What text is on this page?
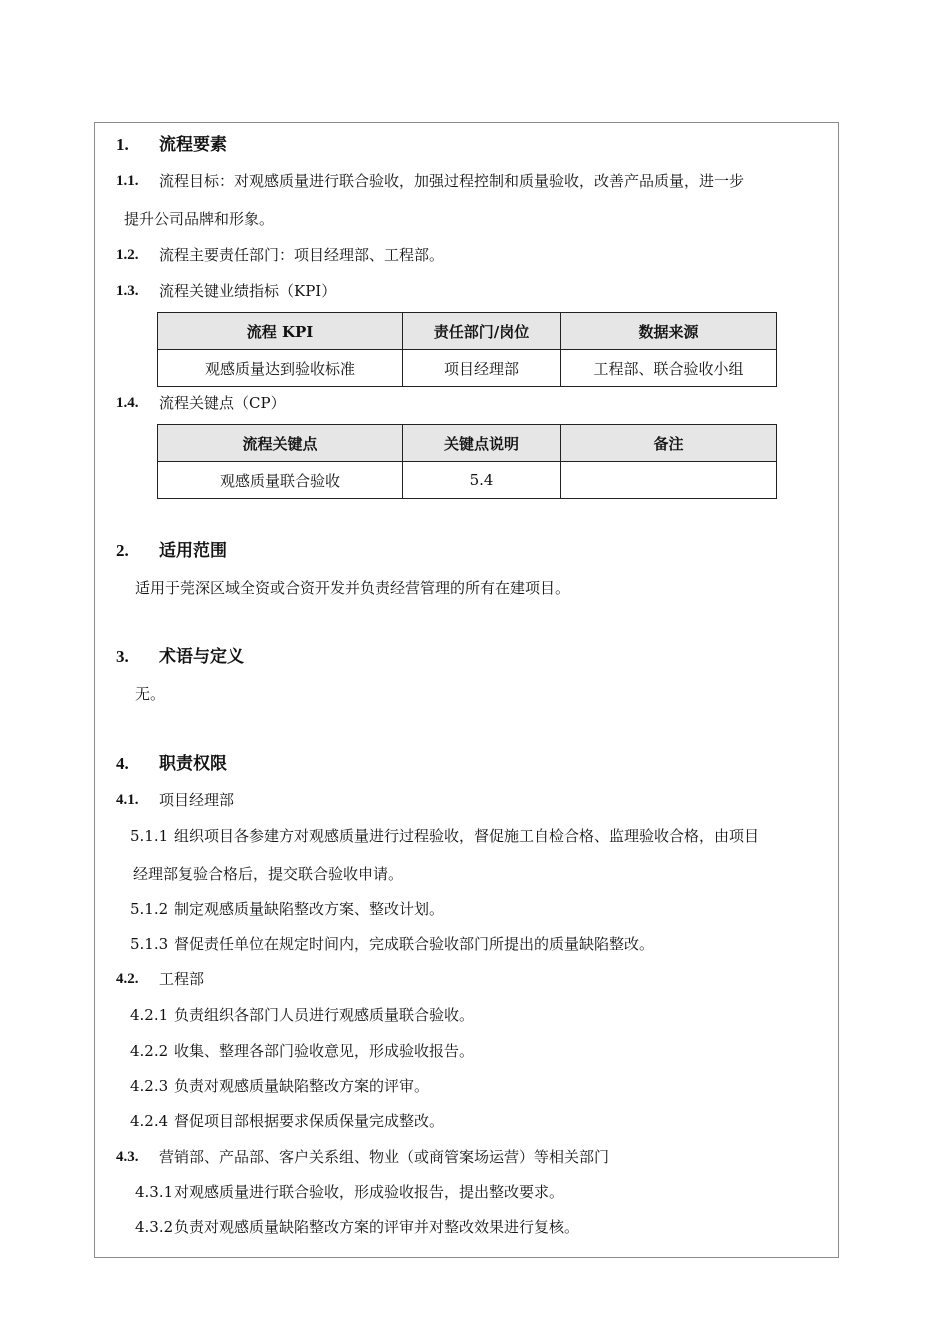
1. 流程要素
1.1. 流程目标：对观感质量进行联合验收，加强过程控制和质量验收，改善产品质量，进一步
提升公司品牌和形象。
1.2. 流程主要责任部门：项目经理部、工程部。
1.3. 流程关键业绩指标（KPI）
流程 KPI	责任部门/岗位	数据来源
观感质量达到验收标准	项目经理部	工程部、联合验收小组
1.4. 流程关键点（CP）
流程关键点	关键点说明	备注
观感质量联合验收	5.4	
2. 适用范围
适用于莞深区域全资或合资开发并负责经营管理的所有在建项目。
3. 术语与定义
无。
4. 职责权限
4.1. 项目经理部
5.1.1 组织项目各参建方对观感质量进行过程验收，督促施工自检合格、监理验收合格，由项目
经理部复验合格后，提交联合验收申请。
5.1.2 制定观感质量缺陷整改方案、整改计划。
5.1.3 督促责任单位在规定时间内，完成联合验收部门所提出的质量缺陷整改。
4.2. 工程部
4.2.1 负责组织各部门人员进行观感质量联合验收。
4.2.2 收集、整理各部门验收意见，形成验收报告。
4.2.3 负责对观感质量缺陷整改方案的评审。
4.2.4 督促项目部根据要求保质保量完成整改。
4.3. 营销部、产品部、客户关系组、物业（或商管案场运营）等相关部门
4.3.1 对观感质量进行联合验收，形成验收报告，提出整改要求。
4.3.2 负责对观感质量缺陷整改方案的评审并对整改效果进行复核。
